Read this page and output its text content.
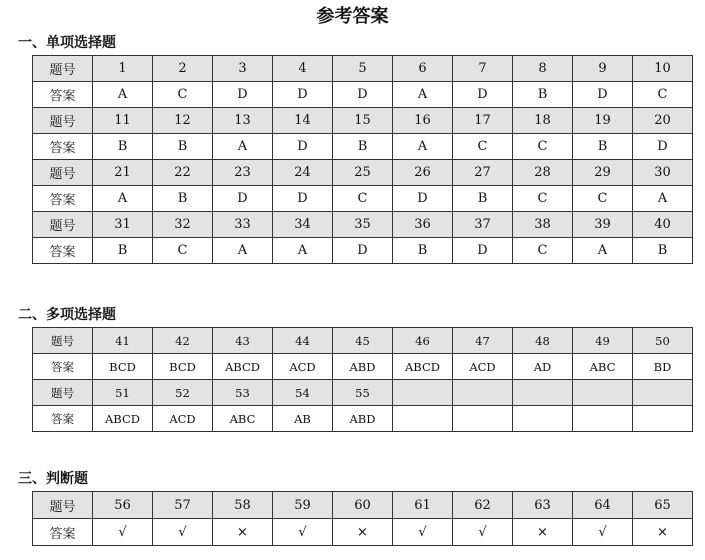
参考答案
一、单项选择题
题号	1	2	3	4	5	6	7	8	9	10
答案	A	C	D	D	D	A	D	B	D	C
题号	11	12	13	14	15	16	17	18	19	20
答案	B	B	A	D	B	A	C	C	B	D
题号	21	22	23	24	25	26	27	28	29	30
答案	A	B	D	D	C	D	B	C	C	A
题号	31	32	33	34	35	36	37	38	39	40
答案	B	C	A	A	D	B	D	C	A	B
二、多项选择题
题号	41	42	43	44	45	46	47	48	49	50
答案	BCD	BCD	ABCD	ACD	ABD	ABCD	ACD	AD	ABC	BD
题号	51	52	53	54	55					
答案	ABCD	ACD	ABC	AB	ABD					
三、判断题
题号	56	57	58	59	60	61	62	63	64	65
答案	√	√	×	√	×	√	√	×	√	×
